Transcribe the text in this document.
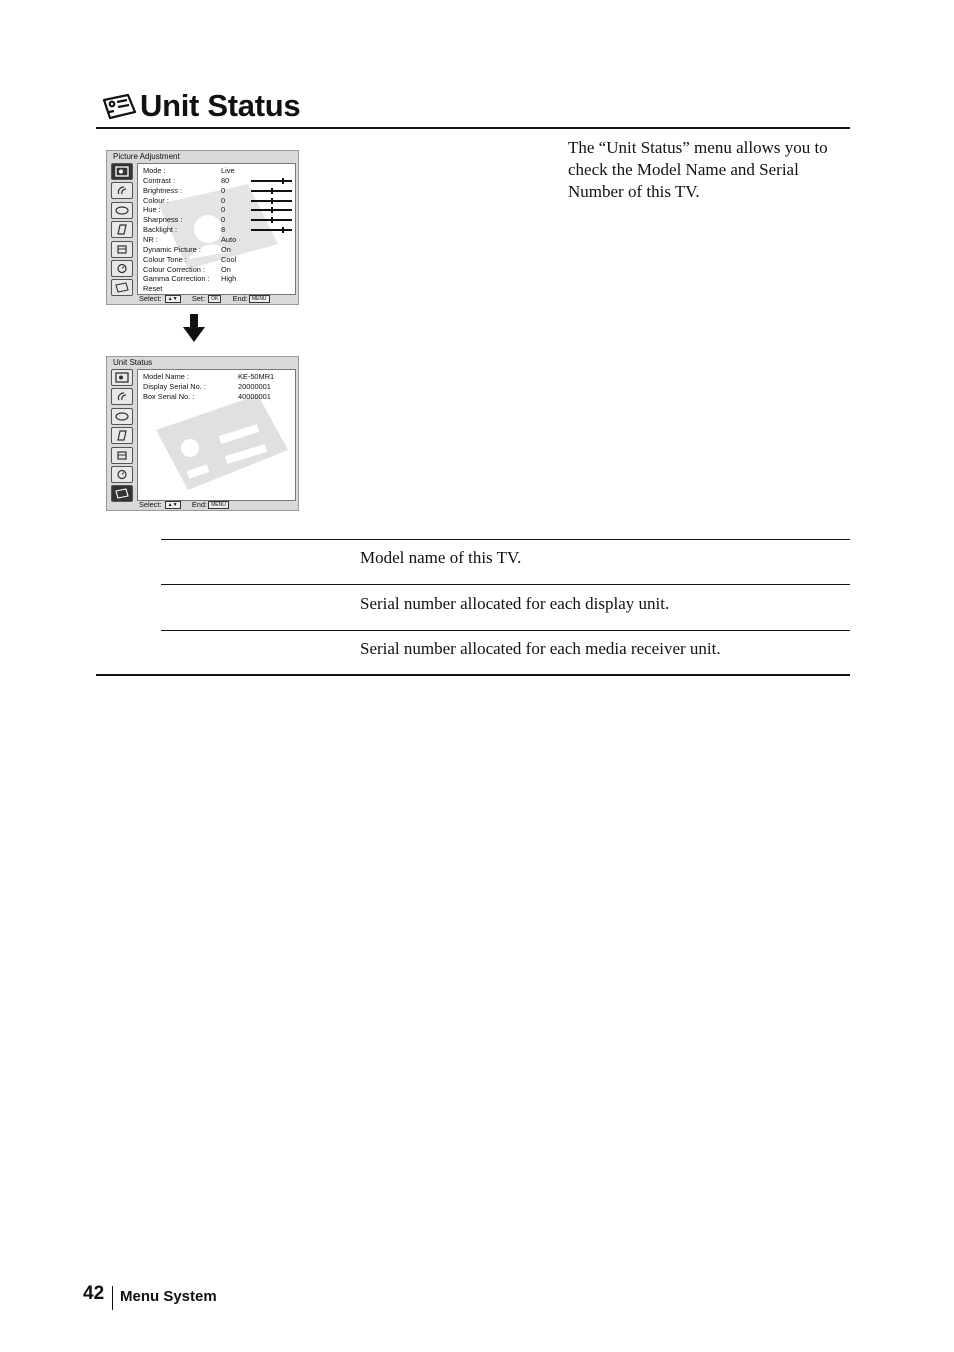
Unit Status
The “Unit Status” menu allows you to check the Model Name and Serial Number of this TV.
Picture Adjustment
Mode :	Live
Contrast :	80
Brightness :	0
Colour :	0
Hue :	0
Sharpness :	0
Backlight :	8
NR :	Auto
Dynamic Picture :	On
Colour Tone :	Cool
Colour Correction : On
Gamma Correction : High
Reset
Select: ▲▼ Set: OK End: MENU
Unit Status
Model Name :	KE-50MR1
Display Serial No. :	20000001
Box Serial No. :	40000001
Select: ▲▼ End: MENU
Model name of this TV.
Serial number allocated for each display unit.
Serial number allocated for each media receiver unit.
42 Menu System
